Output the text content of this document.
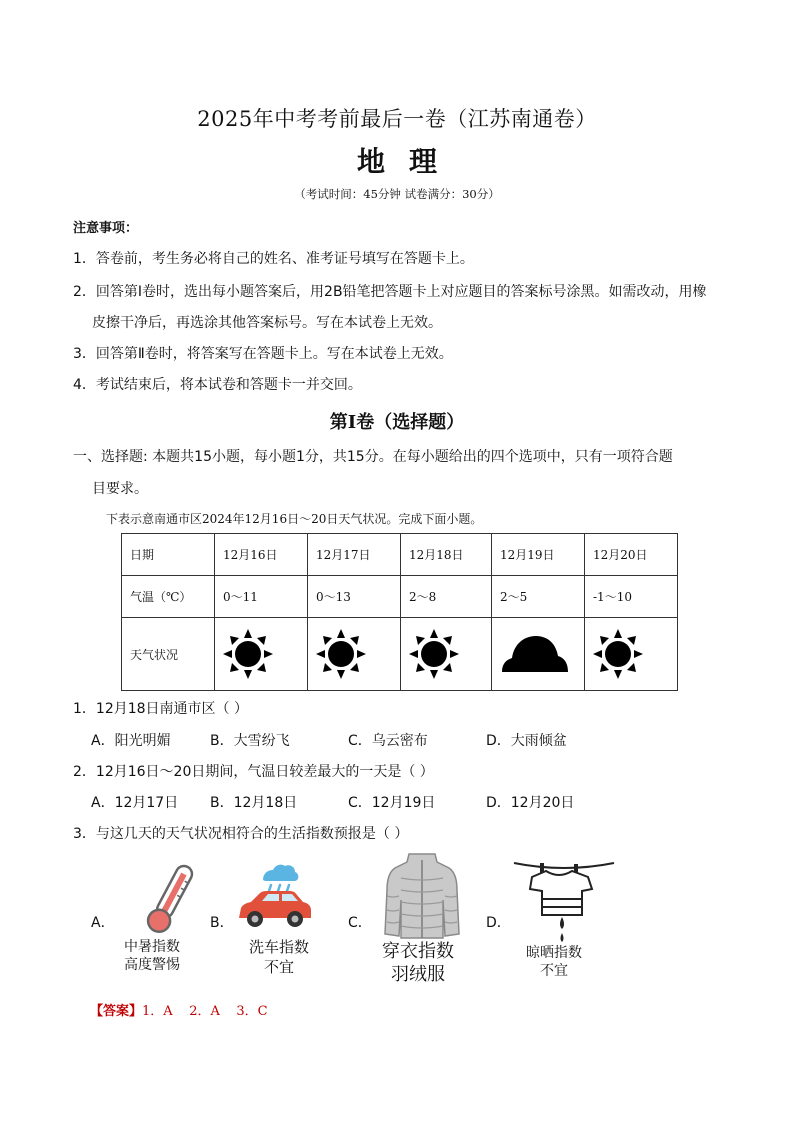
2025年中考考前最后一卷（江苏南通卷）
地理
（考试时间：45分钟 试卷满分：30分）
注意事项：
1．答卷前，考生务必将自己的姓名、准考证号填写在答题卡上。
2．回答第Ⅰ卷时，选出每小题答案后，用2B铅笔把答题卡上对应题目的答案标号涂黑。如需改动，用橡
皮擦干净后，再选涂其他答案标号。写在本试卷上无效。
3．回答第Ⅱ卷时，将答案写在答题卡上。写在本试卷上无效。
4．考试结束后，将本试卷和答题卡一并交回。
第Ⅰ卷（选择题）
一、选择题: 本题共15小题，每小题1分，共15分。在每小题给出的四个选项中，只有一项符合题
目要求。
下表示意南通市区2024年12月16日～20日天气状况。完成下面小题。
日期	12月16日	12月17日	12月18日	12月19日	12月20日
气温（℃）	0～11	0～13	2～8	2～5	-1～10
天气状况	

1．12月18日南通市区（ ）
A．阳光明媚	B．大雪纷飞	C．乌云密布	D．大雨倾盆
2．12月16日～20日期间，气温日较差最大的一天是（ ）
A．12月17日 B．12月18日	C．12月19日	D．12月20日
3．与这几天的天气状况相符合的生活指数预报是（ ）
A．
中暑指数
高度警惕
B．
洗车指数
不宜
C．
穿衣指数
羽绒服
D．
晾晒指数
不宜
【答案】1．A    2．A    3．C
